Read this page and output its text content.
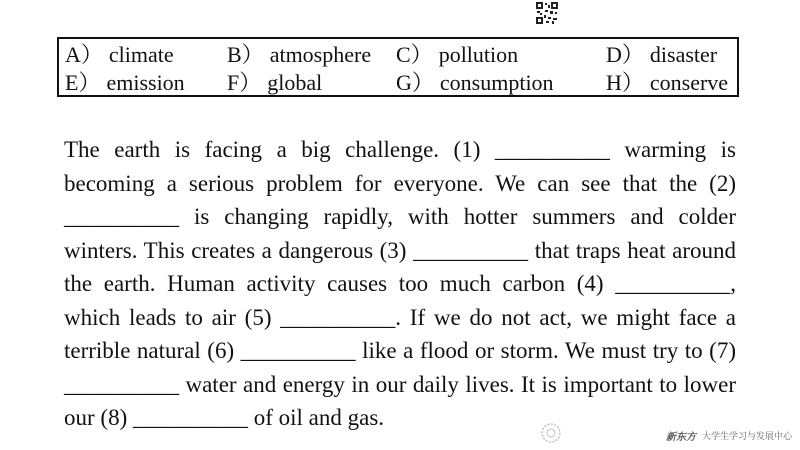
A） climate B） atmosphere C） pollution	D） disaster
E） emission F） global	G） consumption H） conserve

The earth is facing a big challenge. (1) __________ warming is becoming a serious problem for everyone. We can see that the (2) __________ is changing rapidly, with hotter summers and colder winters. This creates a dangerous (3) __________ that traps heat around the earth. Human activity causes too much carbon (4) __________, which leads to air (5) __________. If we do not act, we might face a terrible natural (6) __________ like a flood or storm. We must try to (7) __________ water and energy in our daily lives. It is important to lower our (8) __________ of oil and gas.

新东方 大学生学习与发展中心
